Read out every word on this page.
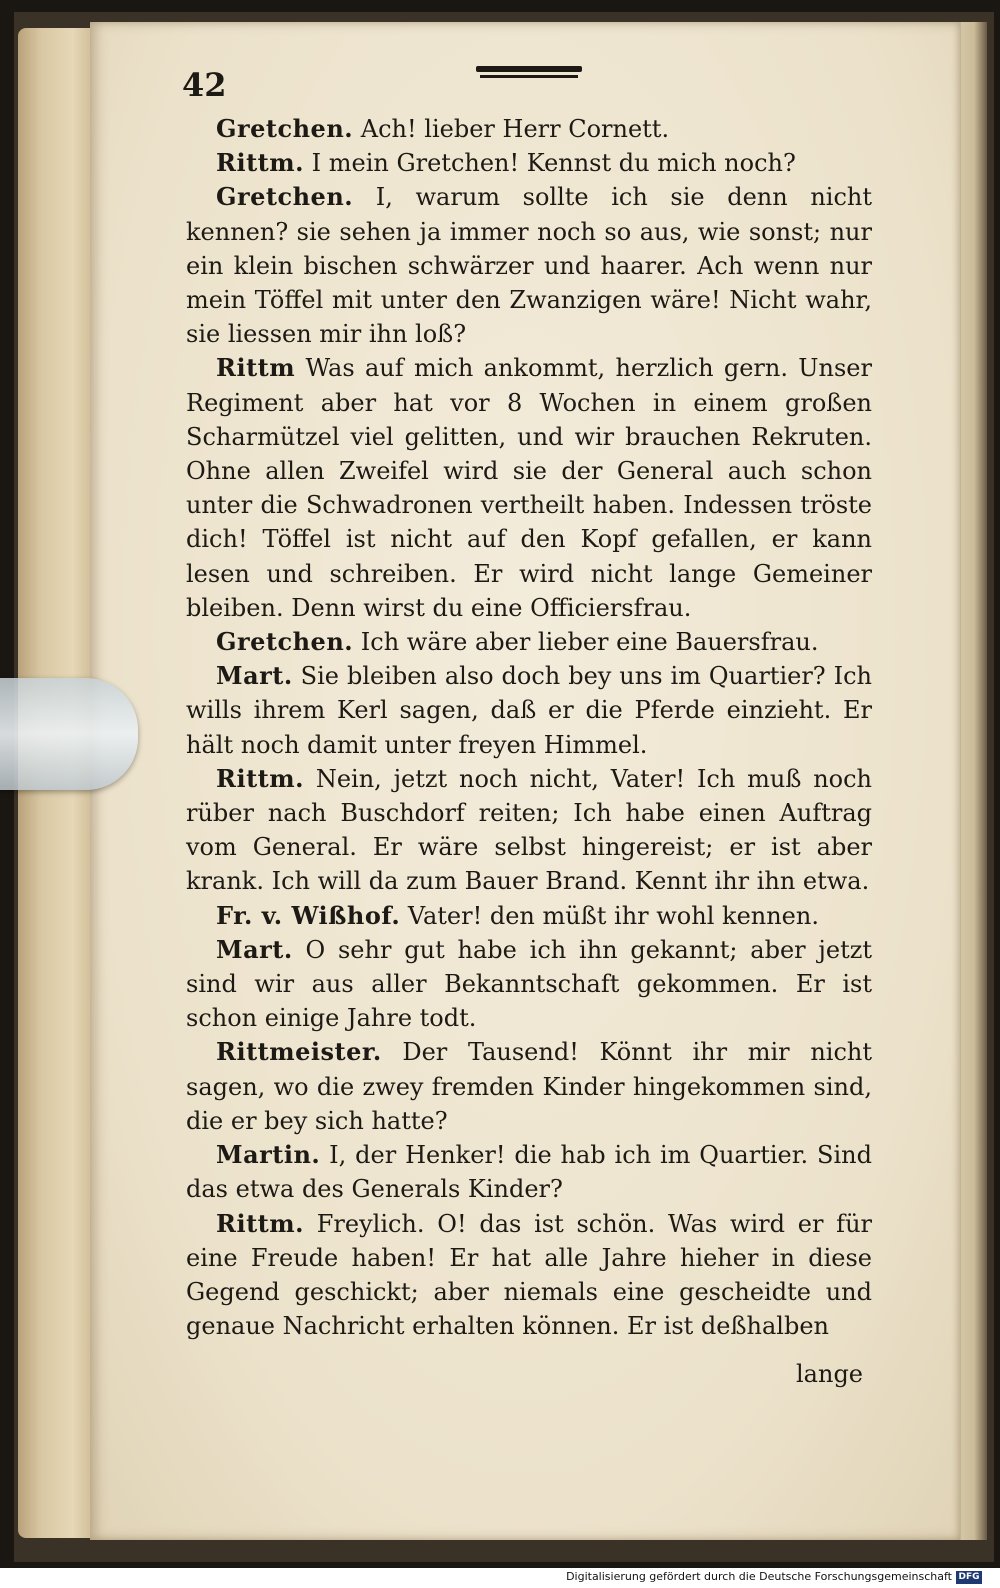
42

Gretchen. Ach! lieber Herr Cornett.

Rittm. I mein Gretchen! Kennst du mich noch?

Gretchen. I, warum sollte ich sie denn nicht kennen? sie sehen ja immer noch so aus, wie sonst; nur ein klein bischen schwärzer und haarer. Ach wenn nur mein Töffel mit unter den Zwanzigen wäre! Nicht wahr, sie liessen mir ihn loß?

Rittm Was auf mich ankommt, herzlich gern. Unser Regiment aber hat vor 8 Wochen in einem großen Scharmützel viel gelitten, und wir brauchen Rekruten. Ohne allen Zweifel wird sie der General auch schon unter die Schwadronen vertheilt haben. Indessen tröste dich! Töffel ist nicht auf den Kopf gefallen, er kann lesen und schreiben. Er wird nicht lange Gemeiner bleiben. Denn wirst du eine Officiersfrau.

Gretchen. Ich wäre aber lieber eine Bauersfrau.

Mart. Sie bleiben also doch bey uns im Quartier? Ich wills ihrem Kerl sagen, daß er die Pferde einzieht. Er hält noch damit unter freyen Himmel.

Rittm. Nein, jetzt noch nicht, Vater! Ich muß noch rüber nach Buschdorf reiten; Ich habe einen Auftrag vom General. Er wäre selbst hingereist; er ist aber krank. Ich will da zum Bauer Brand. Kennt ihr ihn etwa.

Fr. v. Wißhof. Vater! den müßt ihr wohl kennen.

Mart. O sehr gut habe ich ihn gekannt; aber jetzt sind wir aus aller Bekanntschaft gekommen. Er ist schon einige Jahre todt.

Rittmeister. Der Tausend! Könnt ihr mir nicht sagen, wo die zwey fremden Kinder hingekommen sind, die er bey sich hatte?

Martin. I, der Henker! die hab ich im Quartier. Sind das etwa des Generals Kinder?

Rittm. Freylich. O! das ist schön. Was wird er für eine Freude haben! Er hat alle Jahre hieher in diese Gegend geschickt; aber niemals eine gescheidte und genaue Nachricht erhalten können. Er ist deßhalben

lange
Digitalisierung gefördert durch die Deutsche Forschungsgemeinschaft DFG
